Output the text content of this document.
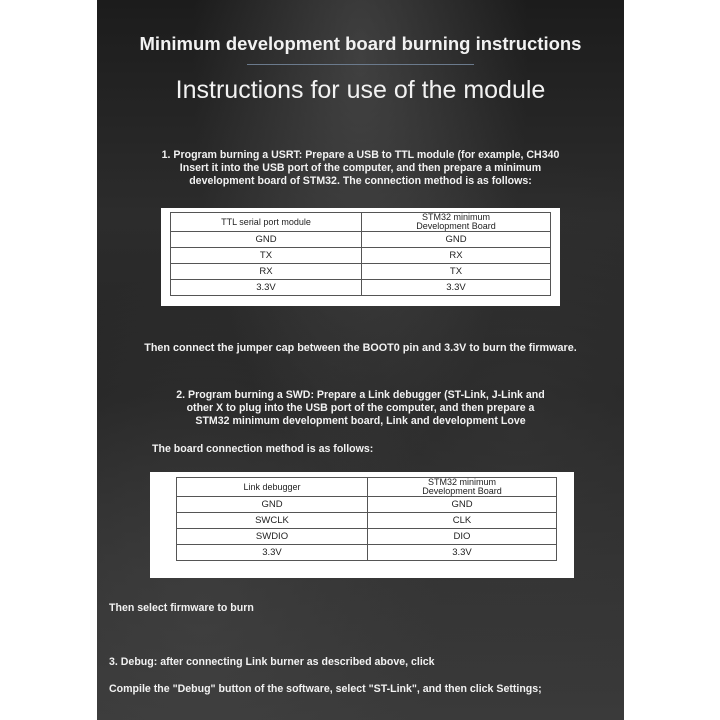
Minimum development board burning instructions
Instructions for use of the module
1. Program burning a USRT: Prepare a USB to TTL module (for example, CH340
Insert it into the USB port of the computer, and then prepare a minimum
development board of STM32. The connection method is as follows:
TTL serial port module	STM32 minimum
Development Board
GND	GND
TX	RX
RX	TX
3.3V	3.3V
Then connect the jumper cap between the BOOT0 pin and 3.3V to burn the firmware.
2. Program burning a SWD: Prepare a Link debugger (ST-Link, J-Link and
other X to plug into the USB port of the computer, and then prepare a
STM32 minimum development board, Link and development Love
The board connection method is as follows:
Link debugger	STM32 minimum
Development Board
GND	GND
SWCLK	CLK
SWDIO	DIO
3.3V	3.3V
Then select firmware to burn
3. Debug: after connecting Link burner as described above, click
Compile the "Debug" button of the software, select "ST-Link", and then click Settings;
